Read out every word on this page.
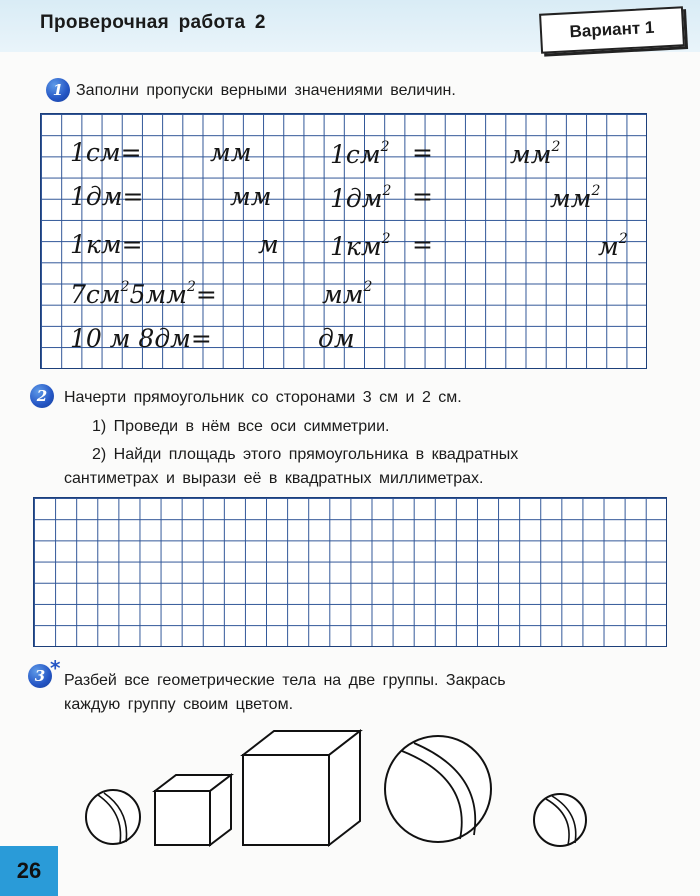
Проверочная работа 2	Вариант 1
1 Заполни пропуски верными значениями величин.
1см=	мм	$1см^2$ =	$мм^2$
1дм=	мм $1дм^2$ =	$мм^2$
1км=	м $1км^2$ =	$м^2$
$7см^25мм^2=$	$мм^2$
10 м 8дм=	дм
2	Начерти прямоугольник со сторонами 3 см и 2 см.
1) Проведи в нём все оси симметрии.
2) Найди площадь этого прямоугольника в квадратных
сантиметрах и вырази её в квадратных миллиметрах.
3 *
Разбей все геометрические тела на две группы. Закрась
каждую группу своим цветом.
26
